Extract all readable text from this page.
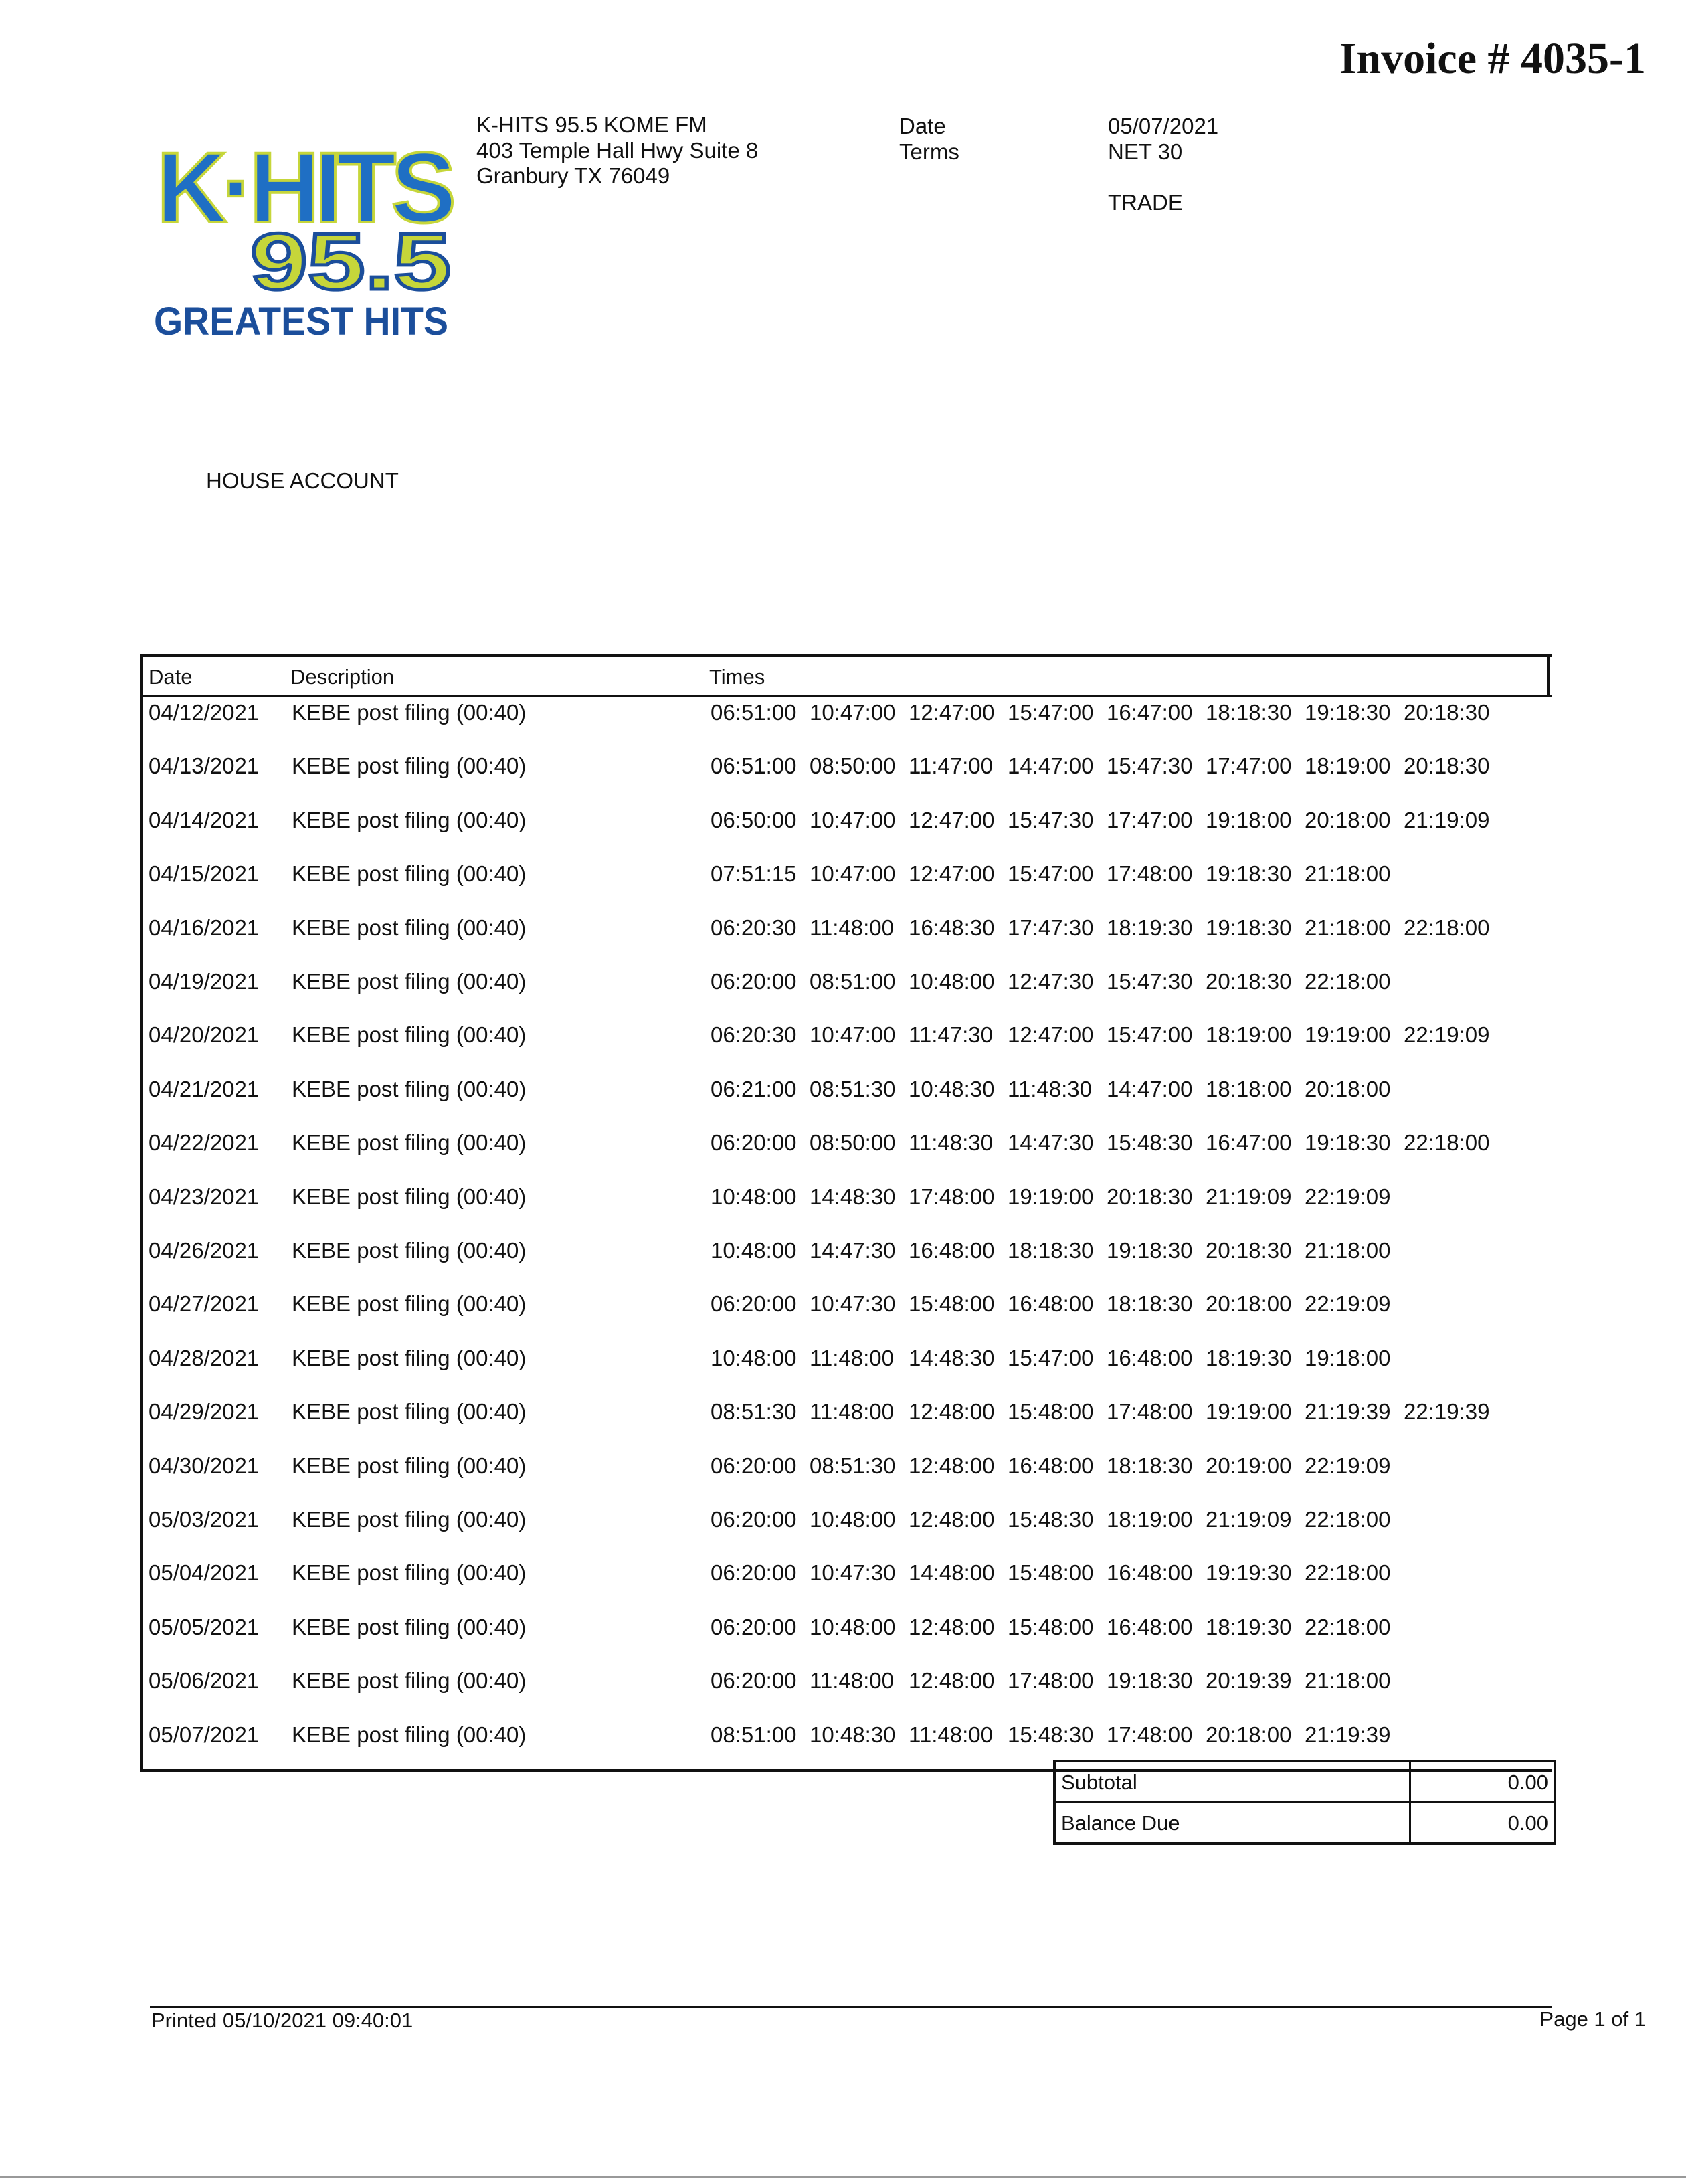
Invoice # 4035-1
K·HITS
95.5
GREATEST HITS
K-HITS 95.5 KOME FM
403 Temple Hall Hwy Suite 8
Granbury TX 76049
Date
Terms
05/07/2021
NET 30
TRADE
HOUSE ACCOUNT
Date	Description	Times
04/12/2021 KEBE post filing (00:40)	06:51:00 10:47:00 12:47:00 15:47:00 16:47:00 18:18:30 19:18:30 20:18:30
04/13/2021 KEBE post filing (00:40)	06:51:00 08:50:00 11:47:00 14:47:00 15:47:30 17:47:00 18:19:00 20:18:30
04/14/2021 KEBE post filing (00:40)	06:50:00 10:47:00 12:47:00 15:47:30 17:47:00 19:18:00 20:18:00 21:19:09
04/15/2021 KEBE post filing (00:40)	07:51:15 10:47:00 12:47:00 15:47:00 17:48:00 19:18:30 21:18:00
04/16/2021 KEBE post filing (00:40)	06:20:30 11:48:00 16:48:30 17:47:30 18:19:30 19:18:30 21:18:00 22:18:00
04/19/2021 KEBE post filing (00:40)	06:20:00 08:51:00 10:48:00 12:47:30 15:47:30 20:18:30 22:18:00
04/20/2021 KEBE post filing (00:40)	06:20:30 10:47:00 11:47:30 12:47:00 15:47:00 18:19:00 19:19:00 22:19:09
04/21/2021 KEBE post filing (00:40)	06:21:00 08:51:30 10:48:30 11:48:30 14:47:00 18:18:00 20:18:00
04/22/2021 KEBE post filing (00:40)	06:20:00 08:50:00 11:48:30 14:47:30 15:48:30 16:47:00 19:18:30 22:18:00
04/23/2021 KEBE post filing (00:40)	10:48:00 14:48:30 17:48:00 19:19:00 20:18:30 21:19:09 22:19:09
04/26/2021 KEBE post filing (00:40)	10:48:00 14:47:30 16:48:00 18:18:30 19:18:30 20:18:30 21:18:00
04/27/2021 KEBE post filing (00:40)	06:20:00 10:47:30 15:48:00 16:48:00 18:18:30 20:18:00 22:19:09
04/28/2021 KEBE post filing (00:40)	10:48:00 11:48:00 14:48:30 15:47:00 16:48:00 18:19:30 19:18:00
04/29/2021 KEBE post filing (00:40)	08:51:30 11:48:00 12:48:00 15:48:00 17:48:00 19:19:00 21:19:39 22:19:39
04/30/2021 KEBE post filing (00:40)	06:20:00 08:51:30 12:48:00 16:48:00 18:18:30 20:19:00 22:19:09
05/03/2021 KEBE post filing (00:40)	06:20:00 10:48:00 12:48:00 15:48:30 18:19:00 21:19:09 22:18:00
05/04/2021 KEBE post filing (00:40)	06:20:00 10:47:30 14:48:00 15:48:00 16:48:00 19:19:30 22:18:00
05/05/2021 KEBE post filing (00:40)	06:20:00 10:48:00 12:48:00 15:48:00 16:48:00 18:19:30 22:18:00
05/06/2021 KEBE post filing (00:40)	06:20:00 11:48:00 12:48:00 17:48:00 19:18:30 20:19:39 21:18:00
05/07/2021 KEBE post filing (00:40)	08:51:00 10:48:30 11:48:00 15:48:30 17:48:00 20:18:00 21:19:39
Subtotal	0.00
Balance Due	0.00
Printed 05/10/2021 09:40:01	Page 1 of 1
